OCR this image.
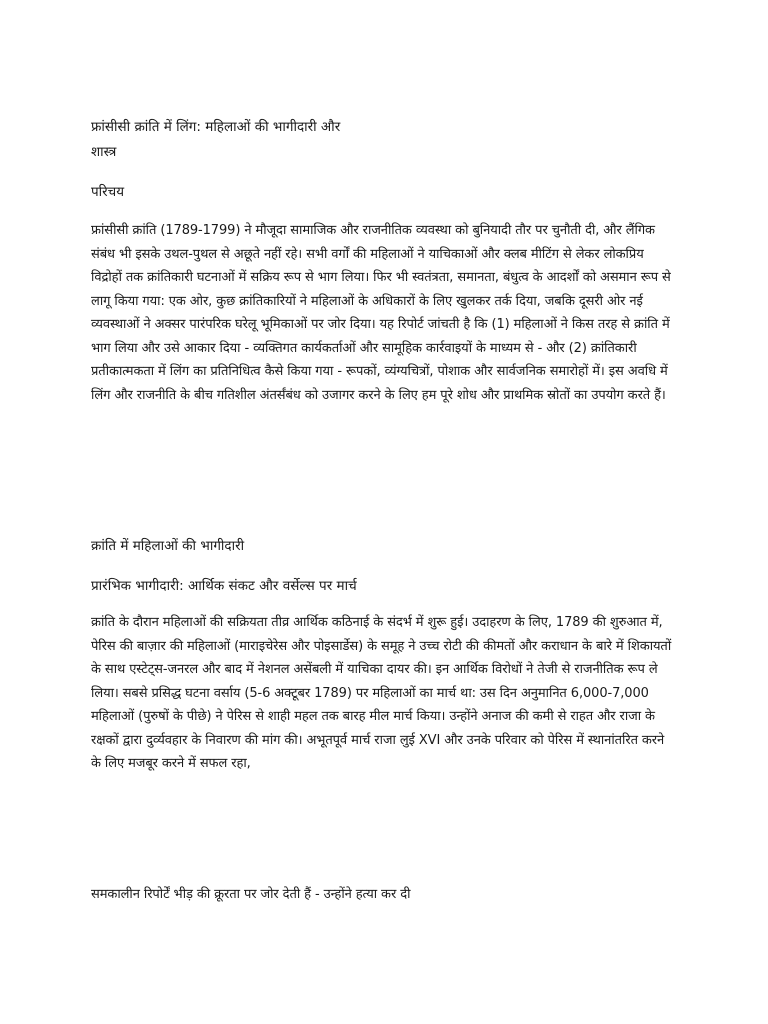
फ्रांसीसी क्रांति में लिंग: महिलाओं की भागीदारी और

शास्त्र

परिचय

फ्रांसीसी क्रांति (1789-1799) ने मौजूदा सामाजिक और राजनीतिक व्यवस्था को बुनियादी तौर पर चुनौती दी, और लैंगिक संबंध भी इसके उथल-पुथल से अछूते नहीं रहे। सभी वर्गों की महिलाओं ने याचिकाओं और क्लब मीटिंग से लेकर लोकप्रिय विद्रोहों तक क्रांतिकारी घटनाओं में सक्रिय रूप से भाग लिया। फिर भी स्वतंत्रता, समानता, बंधुत्व के आदर्शों को असमान रूप से लागू किया गया: एक ओर, कुछ क्रांतिकारियों ने महिलाओं के अधिकारों के लिए खुलकर तर्क दिया, जबकि दूसरी ओर नई व्यवस्थाओं ने अक्सर पारंपरिक घरेलू भूमिकाओं पर जोर दिया। यह रिपोर्ट जांचती है कि (1) महिलाओं ने किस तरह से क्रांति में भाग लिया और उसे आकार दिया - व्यक्तिगत कार्यकर्ताओं और सामूहिक कार्रवाइयों के माध्यम से - और (2) क्रांतिकारी प्रतीकात्मकता में लिंग का प्रतिनिधित्व कैसे किया गया - रूपकों, व्यंग्यचित्रों, पोशाक और सार्वजनिक समारोहों में। इस अवधि में लिंग और राजनीति के बीच गतिशील अंतर्संबंध को उजागर करने के लिए हम पूरे शोध और प्राथमिक स्रोतों का उपयोग करते हैं।

क्रांति में महिलाओं की भागीदारी

प्रारंभिक भागीदारी: आर्थिक संकट और वर्सेल्स पर मार्च

क्रांति के दौरान महिलाओं की सक्रियता तीव्र आर्थिक कठिनाई के संदर्भ में शुरू हुई। उदाहरण के लिए, 1789 की शुरुआत में, पेरिस की बाज़ार की महिलाओं (माराइचेरेस और पोइसार्डेस) के समूह ने उच्च रोटी की कीमतों और कराधान के बारे में शिकायतों के साथ एस्टेट्स-जनरल और बाद में नेशनल असेंबली में याचिका दायर की। इन आर्थिक विरोधों ने तेजी से राजनीतिक रूप ले लिया। सबसे प्रसिद्ध घटना वर्साय (5-6 अक्टूबर 1789) पर महिलाओं का मार्च था: उस दिन अनुमानित 6,000-7,000 महिलाओं (पुरुषों के पीछे) ने पेरिस से शाही महल तक बारह मील मार्च किया। उन्होंने अनाज की कमी से राहत और राजा के रक्षकों द्वारा दुर्व्यवहार के निवारण की मांग की। अभूतपूर्व मार्च राजा लुई XVI और उनके परिवार को पेरिस में स्थानांतरित करने के लिए मजबूर करने में सफल रहा,

समकालीन रिपोर्टें भीड़ की क्रूरता पर जोर देती हैं - उन्होंने हत्या कर दी
